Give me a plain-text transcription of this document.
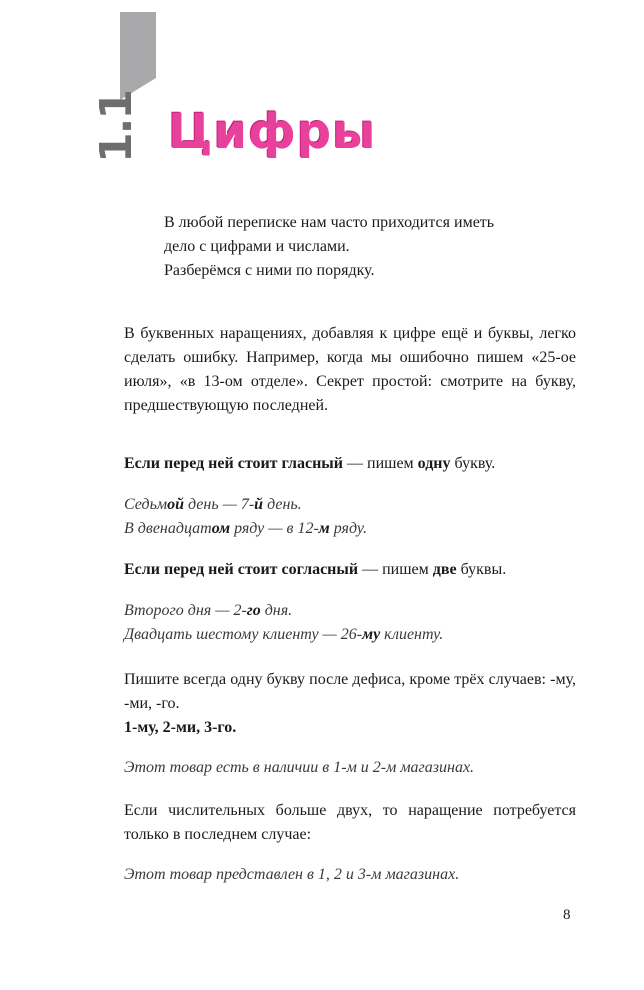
1.1 Цифры

В любой переписке нам часто приходится иметь

дело с цифрами и числами.

Разберёмся с ними по порядку.

В буквенных наращениях, добавляя к цифре ещё и буквы, легко сделать ошибку. Например, когда мы ошибочно пишем «25-ое июля», «в 13-ом отделе». Секрет простой: смотрите на букву, предшествующую последней.

Если перед ней стоит гласный — пишем одну букву.

Седьмой день — 7-й день.

В двенадцатом ряду — в 12-м ряду.

Если перед ней стоит согласный — пишем две буквы.

Второго дня — 2-го дня.

Двадцать шестому клиенту — 26-му клиенту.

Пишите всегда одну букву после дефиса, кроме трёх случаев: -му, -ми, -го.

1-му, 2-ми, 3-го.

Этот товар есть в наличии в 1-м и 2-м магазинах.

Если числительных больше двух, то наращение потребуется только в последнем случае:

Этот товар представлен в 1, 2 и 3-м магазинах.

8
